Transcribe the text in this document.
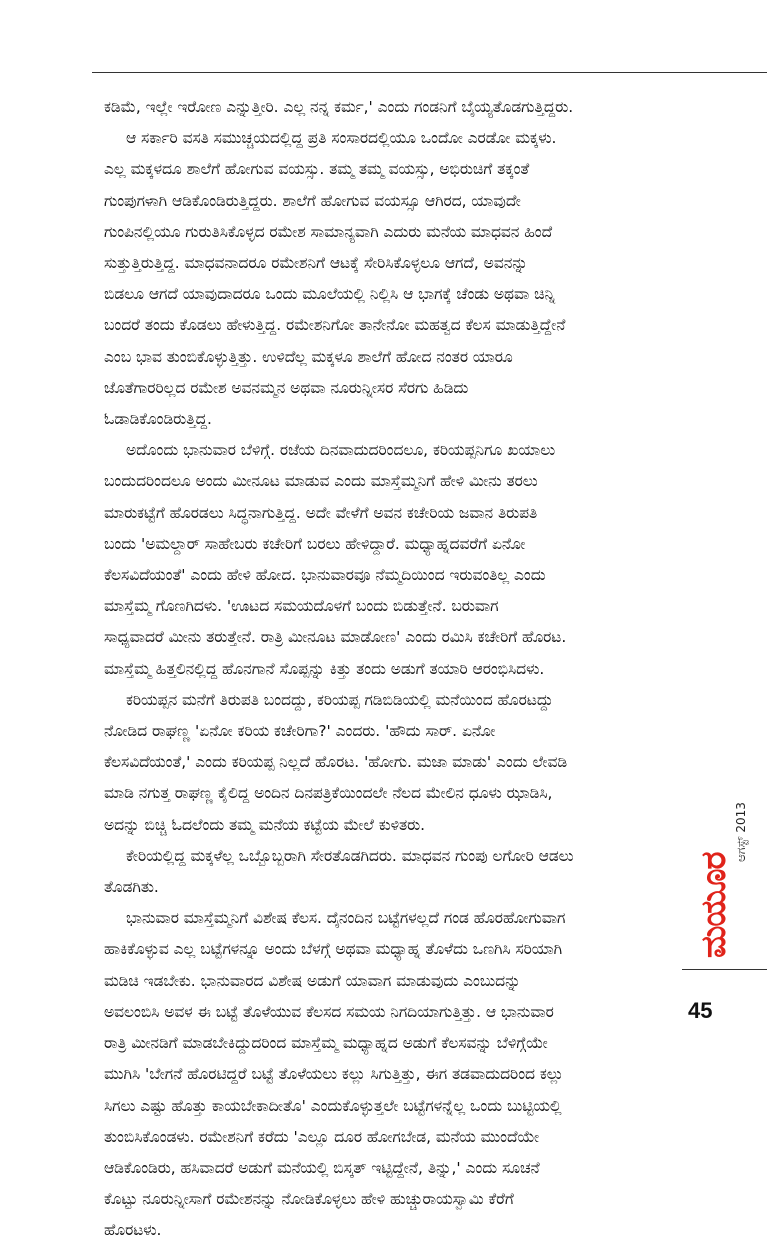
ಕಡಿಮೆ, ಇಲ್ಲೇ ಇರೋಣ ಎನ್ನುತ್ತೀರಿ. ಎಲ್ಲ ನನ್ನ ಕರ್ಮ,' ಎಂದು ಗಂಡನಿಗೆ ಬೈಯ್ಯತೊಡಗುತ್ತಿದ್ದರು.

ಆ ಸರ್ಕಾರಿ ವಸತಿ ಸಮುಚ್ಚಯದಲ್ಲಿದ್ದ ಪ್ರತಿ ಸಂಸಾರದಲ್ಲಿಯೂ ಒಂದೋ ಎರಡೋ ಮಕ್ಕಳು.
ಎಲ್ಲ ಮಕ್ಕಳದೂ ಶಾಲೆಗೆ ಹೋಗುವ ವಯಸ್ಸು. ತಮ್ಮ ತಮ್ಮ ವಯಸ್ಸು, ಅಭಿರುಚಿಗೆ ತಕ್ಕಂತೆ
ಗುಂಪುಗಳಾಗಿ ಆಡಿಕೊಂಡಿರುತ್ತಿದ್ದರು. ಶಾಲೆಗೆ ಹೋಗುವ ವಯಸ್ಸೂ ಆಗಿರದ, ಯಾವುದೇ
ಗುಂಪಿನಲ್ಲಿಯೂ ಗುರುತಿಸಿಕೊಳ್ಳದ ರಮೇಶ ಸಾಮಾನ್ಯವಾಗಿ ಎದುರು ಮನೆಯ ಮಾಧವನ ಹಿಂದೆ
ಸುತ್ತುತ್ತಿರುತ್ತಿದ್ದ. ಮಾಧವನಾದರೂ ರಮೇಶನಿಗೆ ಆಟಕ್ಕೆ ಸೇರಿಸಿಕೊಳ್ಳಲೂ ಆಗದೆ, ಅವನನ್ನು
ಬಿಡಲೂ ಆಗದೆ ಯಾವುದಾದರೂ ಒಂದು ಮೂಲೆಯಲ್ಲಿ ನಿಲ್ಲಿಸಿ ಆ ಭಾಗಕ್ಕೆ ಚೆಂಡು ಅಥವಾ ಚಿನ್ನಿ
ಬಂದರೆ ತಂದು ಕೊಡಲು ಹೇಳುತ್ತಿದ್ದ. ರಮೇಶನಿಗೋ ತಾನೇನೋ ಮಹತ್ವದ ಕೆಲಸ ಮಾಡುತ್ತಿದ್ದೇನೆ
ಎಂಬ ಭಾವ ತುಂಬಿಕೊಳ್ಳುತ್ತಿತ್ತು. ಉಳಿದೆಲ್ಲ ಮಕ್ಕಳೂ ಶಾಲೆಗೆ ಹೋದ ನಂತರ ಯಾರೂ
ಜೊತೆಗಾರರಿಲ್ಲದ ರಮೇಶ ಅವನಮ್ಮನ ಅಥವಾ ನೂರುನ್ನೀಸರ ಸೆರಗು ಹಿಡಿದು
ಓಡಾಡಿಕೊಂಡಿರುತ್ತಿದ್ದ.

ಅದೊಂದು ಭಾನುವಾರ ಬೆಳಿಗ್ಗೆ. ರಜೆಯ ದಿನವಾದುದರಿಂದಲೂ, ಕರಿಯಪ್ಪನಿಗೂ ಖಯಾಲು
ಬಂದುದರಿಂದಲೂ ಅಂದು ಮೀನೂಟ ಮಾಡುವ ಎಂದು ಮಾಸ್ತೆಮ್ಮನಿಗೆ ಹೇಳಿ ಮೀನು ತರಲು
ಮಾರುಕಟ್ಟೆಗೆ ಹೊರಡಲು ಸಿದ್ಧನಾಗುತ್ತಿದ್ದ. ಅದೇ ವೇಳೆಗೆ ಅವನ ಕಚೇರಿಯ ಜವಾನ ತಿರುಪತಿ
ಬಂದು 'ಅಮಲ್ದಾರ್ ಸಾಹೇಬರು ಕಚೇರಿಗೆ ಬರಲು ಹೇಳಿದ್ದಾರೆ. ಮಧ್ಯಾಹ್ನದವರೆಗೆ ಏನೋ
ಕೆಲಸವಿದೆಯಂತೆ' ಎಂದು ಹೇಳಿ ಹೋದ. ಭಾನುವಾರವೂ ನೆಮ್ಮದಿಯಿಂದ ಇರುವಂತಿಲ್ಲ ಎಂದು
ಮಾಸ್ತೆಮ್ಮ ಗೊಣಗಿದಳು. 'ಊಟದ ಸಮಯದೊಳಗೆ ಬಂದು ಬಿಡುತ್ತೇನೆ. ಬರುವಾಗ
ಸಾಧ್ಯವಾದರೆ ಮೀನು ತರುತ್ತೇನೆ. ರಾತ್ರಿ ಮೀನೂಟ ಮಾಡೋಣ' ಎಂದು ರಮಿಸಿ ಕಚೇರಿಗೆ ಹೊರಟ.
ಮಾಸ್ತೆಮ್ಮ ಹಿತ್ತಲಿನಲ್ಲಿದ್ದ ಹೊನಗಾನೆ ಸೊಪ್ಪನ್ನು ಕಿತ್ತು ತಂದು ಅಡುಗೆ ತಯಾರಿ ಆರಂಭಿಸಿದಳು.

ಕರಿಯಪ್ಪನ ಮನೆಗೆ ತಿರುಪತಿ ಬಂದದ್ದು, ಕರಿಯಪ್ಪ ಗಡಿಬಿಡಿಯಲ್ಲಿ ಮನೆಯಿಂದ ಹೊರಟದ್ದು
ನೋಡಿದ ರಾಘಣ್ಣ 'ಏನೋ ಕರಿಯ ಕಚೇರಿಗಾ?' ಎಂದರು. 'ಹೌದು ಸಾರ್. ಏನೋ
ಕೆಲಸವಿದೆಯಂತೆ,' ಎಂದು ಕರಿಯಪ್ಪ ನಿಲ್ಲದೆ ಹೊರಟ. 'ಹೋಗು. ಮಜಾ ಮಾಡು' ಎಂದು ಲೇವಡಿ
ಮಾಡಿ ನಗುತ್ತ ರಾಘಣ್ಣ ಕೈಲಿದ್ದ ಅಂದಿನ ದಿನಪತ್ರಿಕೆಯಿಂದಲೇ ನೆಲದ ಮೇಲಿನ ಧೂಳು ಝಾಡಿಸಿ,
ಅದನ್ನು ಬಿಚ್ಚಿ ಓದಲೆಂದು ತಮ್ಮ ಮನೆಯ ಕಟ್ಟೆಯ ಮೇಲೆ ಕುಳಿತರು.

ಕೇರಿಯಲ್ಲಿದ್ದ ಮಕ್ಕಳೆಲ್ಲ ಒಬ್ಬೊಬ್ಬರಾಗಿ ಸೇರತೊಡಗಿದರು. ಮಾಧವನ ಗುಂಪು ಲಗೋರಿ ಆಡಲು
ತೊಡಗಿತು.

ಭಾನುವಾರ ಮಾಸ್ತೆಮ್ಮನಿಗೆ ವಿಶೇಷ ಕೆಲಸ. ದೈನಂದಿನ ಬಟ್ಟೆಗಳಲ್ಲದೆ ಗಂಡ ಹೊರಹೋಗುವಾಗ
ಹಾಕಿಕೊಳ್ಳುವ ಎಲ್ಲ ಬಟ್ಟೆಗಳನ್ನೂ ಅಂದು ಬೆಳಗ್ಗೆ ಅಥವಾ ಮಧ್ಯಾಹ್ನ ತೊಳೆದು ಒಣಗಿಸಿ ಸರಿಯಾಗಿ
ಮಡಿಚಿ ಇಡಬೇಕು. ಭಾನುವಾರದ ವಿಶೇಷ ಅಡುಗೆ ಯಾವಾಗ ಮಾಡುವುದು ಎಂಬುದನ್ನು
ಅವಲಂಬಿಸಿ ಅವಳ ಈ ಬಟ್ಟೆ ತೊಳೆಯುವ ಕೆಲಸದ ಸಮಯ ನಿಗದಿಯಾಗುತ್ತಿತ್ತು. ಆ ಭಾನುವಾರ
ರಾತ್ರಿ ಮೀನಡಿಗೆ ಮಾಡಬೇಕಿದ್ದುದರಿಂದ ಮಾಸ್ತೆಮ್ಮ ಮಧ್ಯಾಹ್ನದ ಅಡುಗೆ ಕೆಲಸವನ್ನು ಬೆಳಿಗ್ಗೆಯೇ
ಮುಗಿಸಿ 'ಬೇಗನೆ ಹೊರಟಿದ್ದರೆ ಬಟ್ಟೆ ತೊಳೆಯಲು ಕಲ್ಲು ಸಿಗುತ್ತಿತ್ತು, ಈಗ ತಡವಾದುದರಿಂದ ಕಲ್ಲು
ಸಿಗಲು ಎಷ್ಟು ಹೊತ್ತು ಕಾಯಬೇಕಾದೀತೊ' ಎಂದುಕೊಳ್ಳುತ್ತಲೇ ಬಟ್ಟೆಗಳನ್ನೆಲ್ಲ ಒಂದು ಬುಟ್ಟಿಯಲ್ಲಿ
ತುಂಬಿಸಿಕೊಂಡಳು. ರಮೇಶನಿಗೆ ಕರೆದು 'ಎಲ್ಲೂ ದೂರ ಹೋಗಬೇಡ, ಮನೆಯ ಮುಂದೆಯೇ
ಆಡಿಕೊಂಡಿರು, ಹಸಿವಾದರೆ ಅಡುಗೆ ಮನೆಯಲ್ಲಿ ಬಿಸ್ಕತ್ ಇಟ್ಟಿದ್ದೇನೆ, ತಿನ್ನು,' ಎಂದು ಸೂಚನೆ
ಕೊಟ್ಟು ನೂರುನ್ನೀಸಾಗೆ ರಮೇಶನನ್ನು ನೋಡಿಕೊಳ್ಳಲು ಹೇಳಿ ಹುಚ್ಚುರಾಯಸ್ವಾಮಿ ಕೆರೆಗೆ
ಹೊರಟಳು.

ಆಗಸ್ಟ್ 2013
ಮಯೂರ
45
